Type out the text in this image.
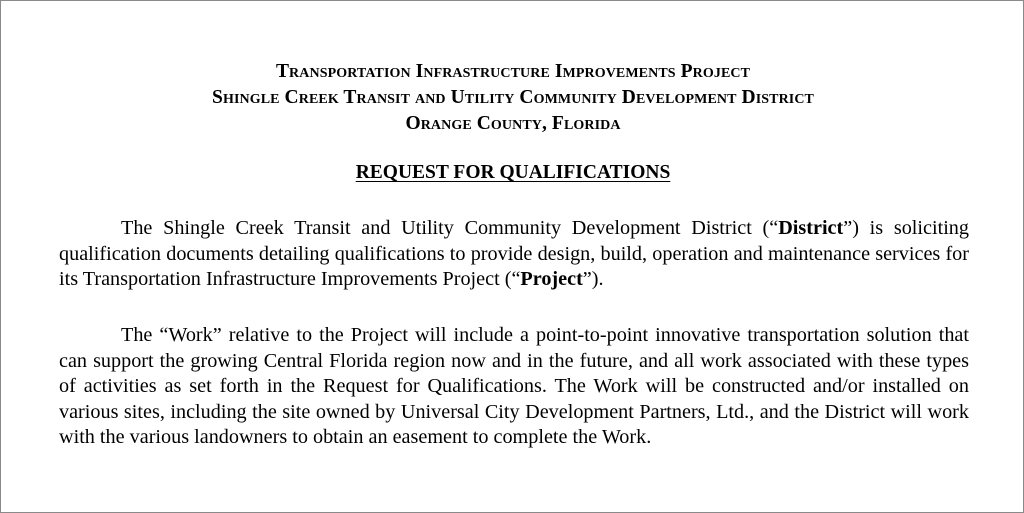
Transportation Infrastructure Improvements Project
Shingle Creek Transit and Utility Community Development District
Orange County, Florida
REQUEST FOR QUALIFICATIONS

The Shingle Creek Transit and Utility Community Development District (“District”) is soliciting qualification documents detailing qualifications to provide design, build, operation and maintenance services for its Transportation Infrastructure Improvements Project (“Project”).

The “Work” relative to the Project will include a point-to-point innovative transportation solution that can support the growing Central Florida region now and in the future, and all work associated with these types of activities as set forth in the Request for Qualifications. The Work will be constructed and/or installed on various sites, including the site owned by Universal City Development Partners, Ltd., and the District will work with the various landowners to obtain an easement to complete the Work.
